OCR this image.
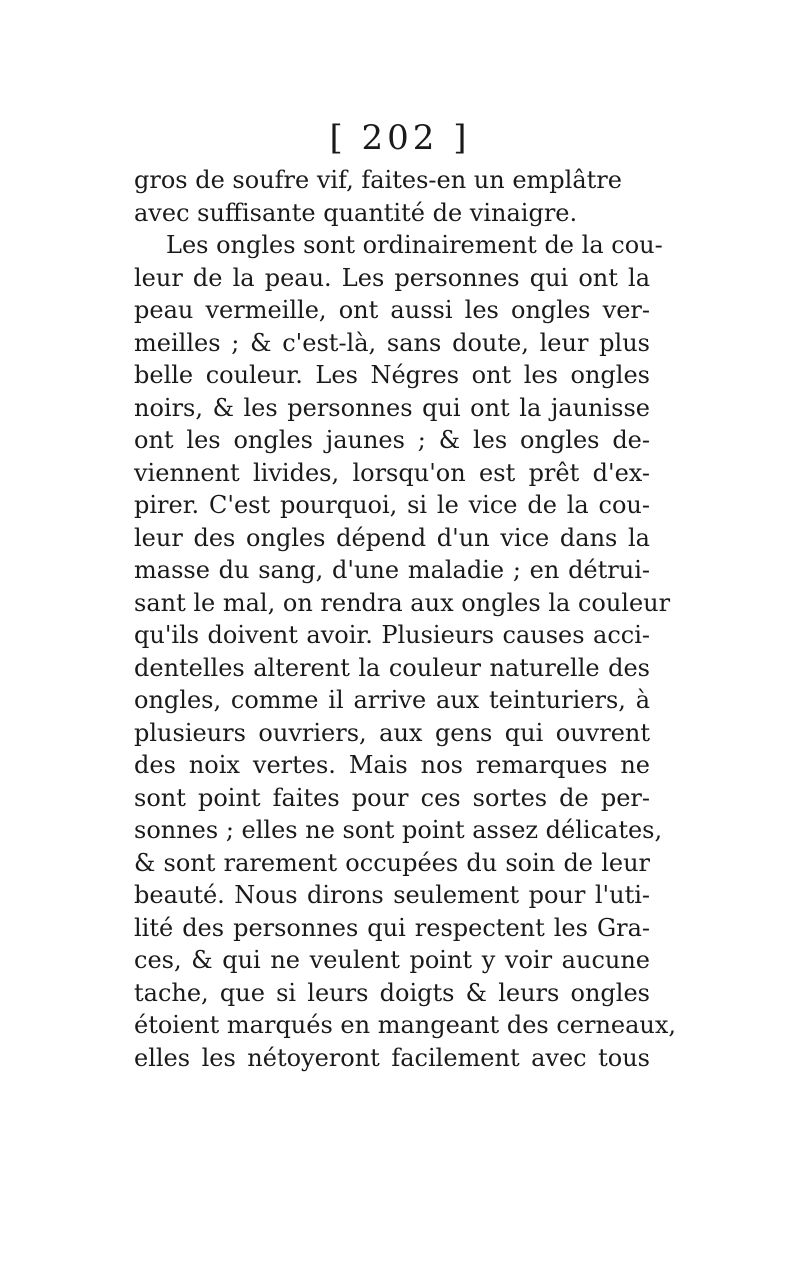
[ 202 ]
gros de soufre vif, faites-en un emplâtre
avec suffisante quantité de vinaigre.
Les ongles sont ordinairement de la cou-
leur de la peau. Les personnes qui ont la
peau vermeille, ont aussi les ongles ver-
meilles ; & c'est-là, sans doute, leur plus
belle couleur. Les Négres ont les ongles
noirs, & les personnes qui ont la jaunisse
ont les ongles jaunes ; & les ongles de-
viennent livides, lorsqu'on est prêt d'ex-
pirer. C'est pourquoi, si le vice de la cou-
leur des ongles dépend d'un vice dans la
masse du sang, d'une maladie ; en détrui-
sant le mal, on rendra aux ongles la couleur
qu'ils doivent avoir. Plusieurs causes acci-
dentelles alterent la couleur naturelle des
ongles, comme il arrive aux teinturiers, à
plusieurs ouvriers, aux gens qui ouvrent
des noix vertes. Mais nos remarques ne
sont point faites pour ces sortes de per-
sonnes ; elles ne sont point assez délicates,
& sont rarement occupées du soin de leur
beauté. Nous dirons seulement pour l'uti-
lité des personnes qui respectent les Gra-
ces, & qui ne veulent point y voir aucune
tache, que si leurs doigts & leurs ongles
étoient marqués en mangeant des cerneaux,
elles les nétoyeront facilement avec tous
